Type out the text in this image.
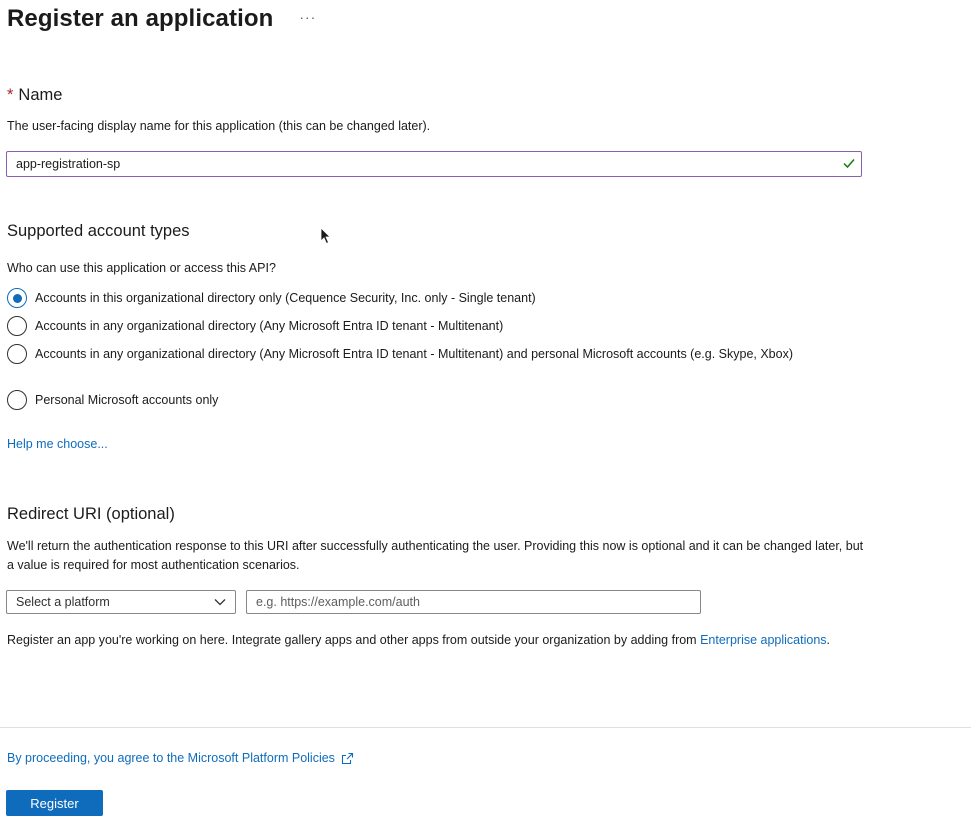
Register an application ···
* Name
The user-facing display name for this application (this can be changed later).
app-registration-sp
Supported account types
Who can use this application or access this API?
Accounts in this organizational directory only (Cequence Security, Inc. only - Single tenant)
Accounts in any organizational directory (Any Microsoft Entra ID tenant - Multitenant)
Accounts in any organizational directory (Any Microsoft Entra ID tenant - Multitenant) and personal Microsoft accounts (e.g. Skype, Xbox)
Personal Microsoft accounts only
Help me choose...
Redirect URI (optional)
We'll return the authentication response to this URI after successfully authenticating the user. Providing this now is optional and it can be changed later, but a value is required for most authentication scenarios.
Select a platform
e.g. https://example.com/auth
Register an app you're working on here. Integrate gallery apps and other apps from outside your organization by adding from Enterprise applications.
By proceeding, you agree to the Microsoft Platform Policies
Register
